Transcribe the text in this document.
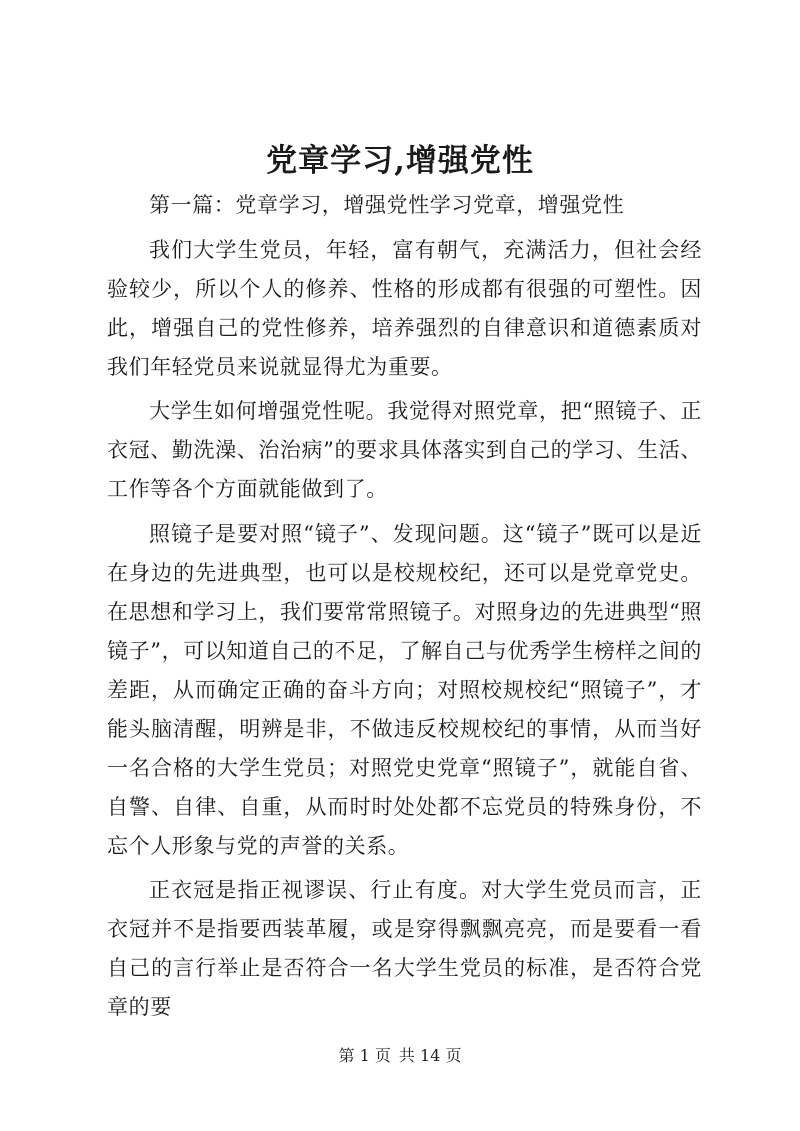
党章学习,增强党性

第一篇：党章学习，增强党性学习党章，增强党性

我们大学生党员，年轻，富有朝气，充满活力，但社会经验较少，所以个人的修养、性格的形成都有很强的可塑性。因此，增强自己的党性修养，培养强烈的自律意识和道德素质对我们年轻党员来说就显得尤为重要。

大学生如何增强党性呢。我觉得对照党章，把“照镜子、正衣冠、勤洗澡、治治病”的要求具体落实到自己的学习、生活、工作等各个方面就能做到了。

照镜子是要对照“镜子”、发现问题。这“镜子”既可以是近在身边的先进典型，也可以是校规校纪，还可以是党章党史。在思想和学习上，我们要常常照镜子。对照身边的先进典型“照镜子”，可以知道自己的不足，了解自己与优秀学生榜样之间的差距，从而确定正确的奋斗方向；对照校规校纪“照镜子”，才能头脑清醒，明辨是非，不做违反校规校纪的事情，从而当好一名合格的大学生党员；对照党史党章“照镜子”，就能自省、自警、自律、自重，从而时时处处都不忘党员的特殊身份，不忘个人形象与党的声誉的关系。

正衣冠是指正视谬误、行止有度。对大学生党员而言，正衣冠并不是指要西装革履，或是穿得飘飘亮亮，而是要看一看自己的言行举止是否符合一名大学生党员的标准，是否符合党章的要

第 1 页 共 14 页
